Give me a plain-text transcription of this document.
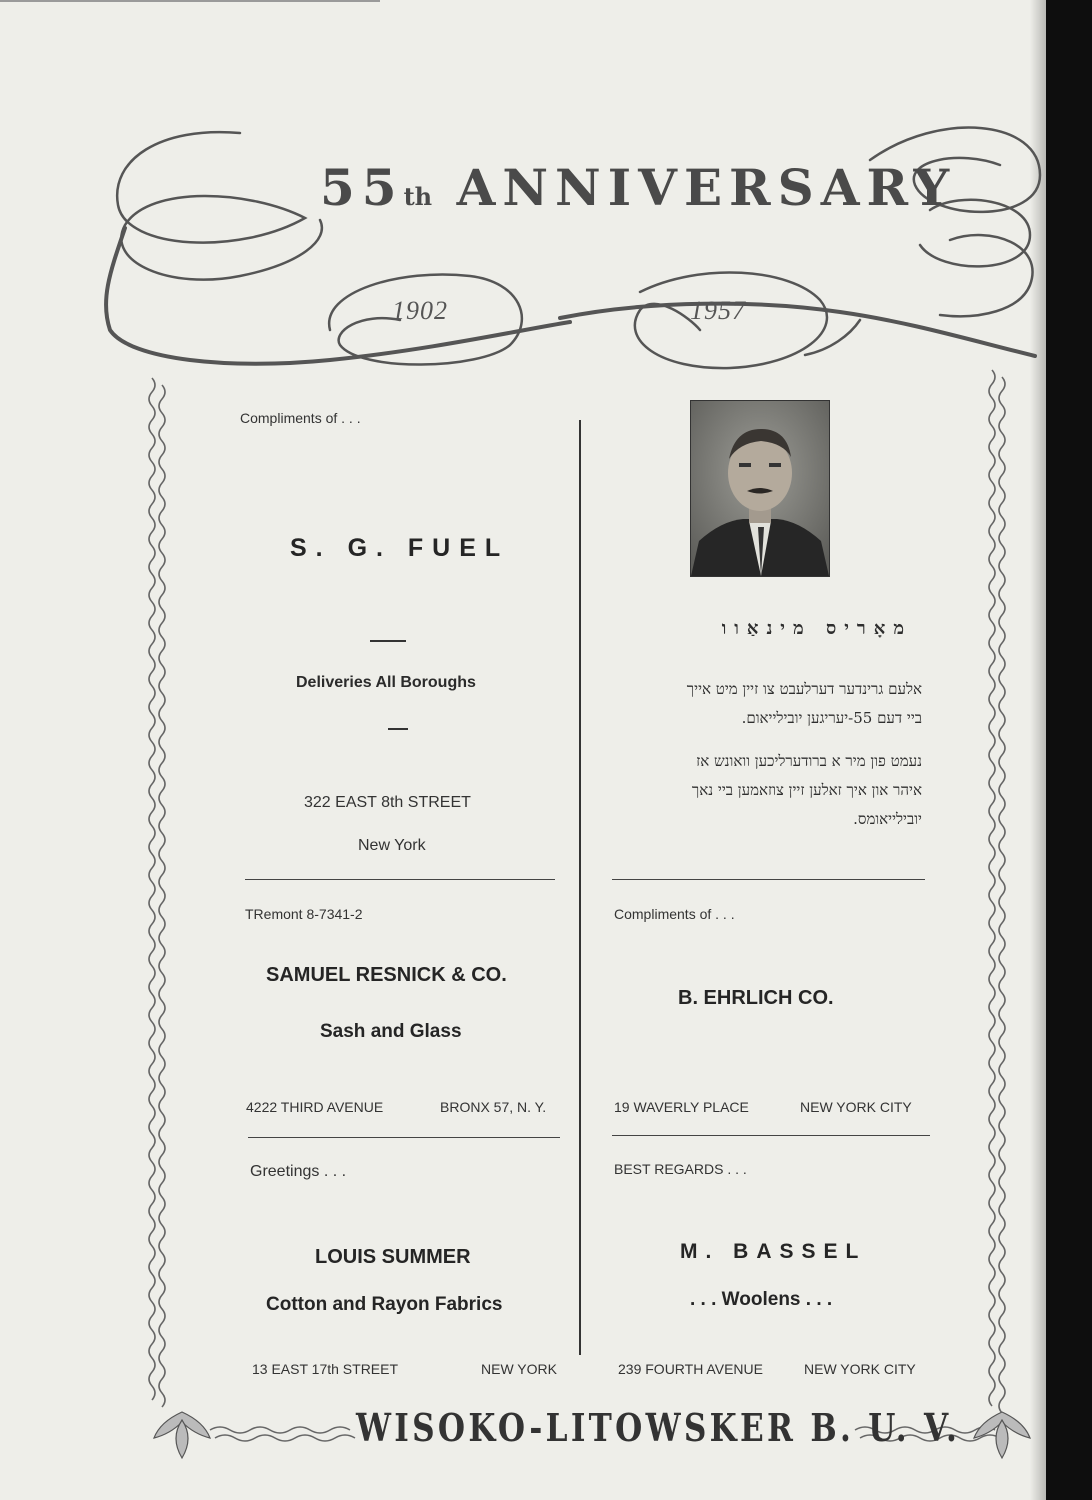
55th ANNIVERSARY
1902	1957
Compliments of . . .
S. G. FUEL
Deliveries All Boroughs
322 EAST 8th STREET
New York
TRemont 8-7341-2
SAMUEL RESNICK & CO.
Sash and Glass
4222 THIRD AVENUE	BRONX 57, N. Y.
Greetings . . .
LOUIS SUMMER
Cotton and Rayon Fabrics
13 EAST 17th STREET	NEW YORK
מאָריס מינאַוו
אלעם גרינדער דערלעבט צו זיין מיט אייך
ביי דעם 55-יעריגען יובילייאום.
נעמט פון מיר א ברודערליכען וואונש אז
איהר און איך זאלען זיין צוזאמען ביי נאך
יובילייאומס.
Compliments of . . .
B. EHRLICH CO.
19 WAVERLY PLACE	NEW YORK CITY
BEST REGARDS . . .
M. BASSEL
. . . Woolens . . .
239 FOURTH AVENUE	NEW YORK CITY
WISOKO-LITOWSKER B. U. V.
